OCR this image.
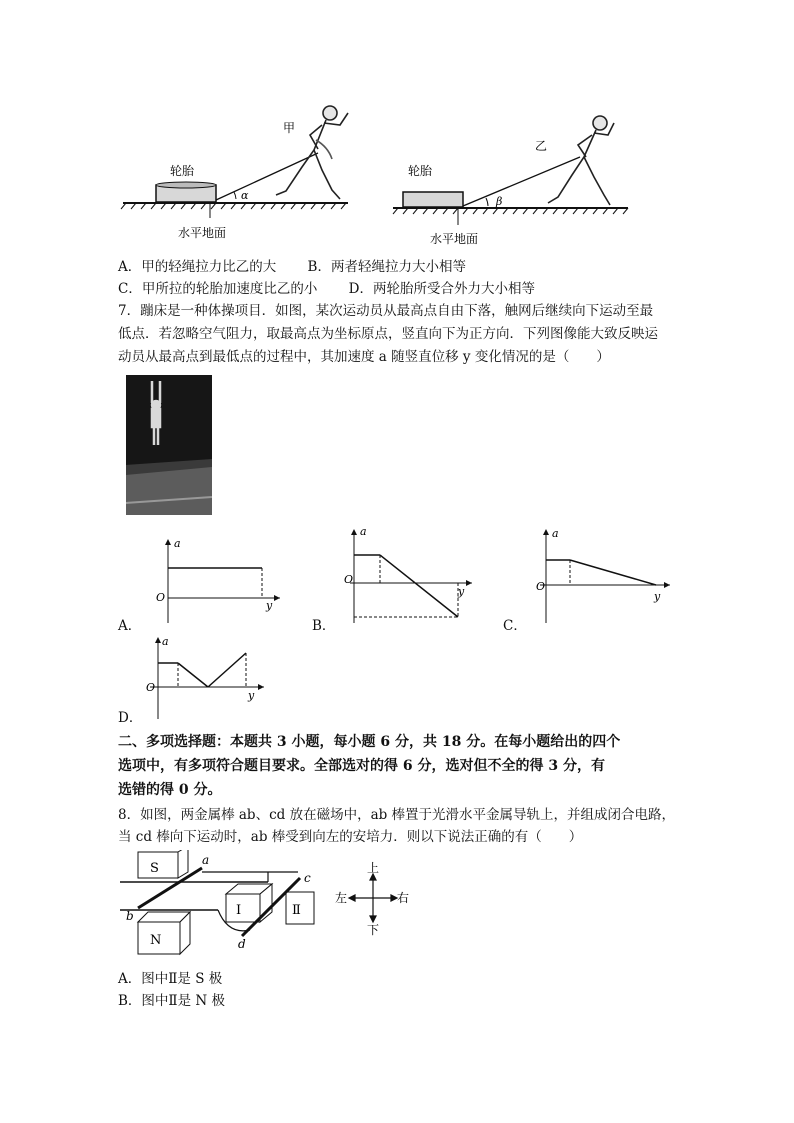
甲
轮胎
α
水平地面
乙
轮胎
β
水平地面
A．甲的轻绳拉力比乙的大　　 B．两者轻绳拉力大小相等
C．甲所拉的轮胎加速度比乙的小　　 D．两轮胎所受合外力大小相等
7．蹦床是一种体操项目．如图，某次运动员从最高点自由下落，触网后继续向下运动至最
低点．若忽略空气阻力，取最高点为坐标原点，竖直向下为正方向．下列图像能大致反映运
动员从最高点到最低点的过程中，其加速度 a 随竖直位移 y 变化情况的是（　　）
a
O
y
A．
a
O
y
B．
a
O
y
C．
a
O
y
D．
二、多项选择题：本题共 3 小题，每小题 6 分，共 18 分。在每小题给出的四个
选项中，有多项符合题目要求。全部选对的得 6 分，选对但不全的得 3 分，有
选错的得 0 分。
8．如图，两金属棒 ab、cd 放在磁场中，ab 棒置于光滑水平金属导轨上，并组成闭合电路，
当 cd 棒向下运动时，ab 棒受到向左的安培力．则以下说法正确的有（　　）
S
N
Ⅰ	Ⅱ
a
b
c
d
上
下
左	右
A．图中Ⅱ是 S 极
B．图中Ⅱ是 N 极
